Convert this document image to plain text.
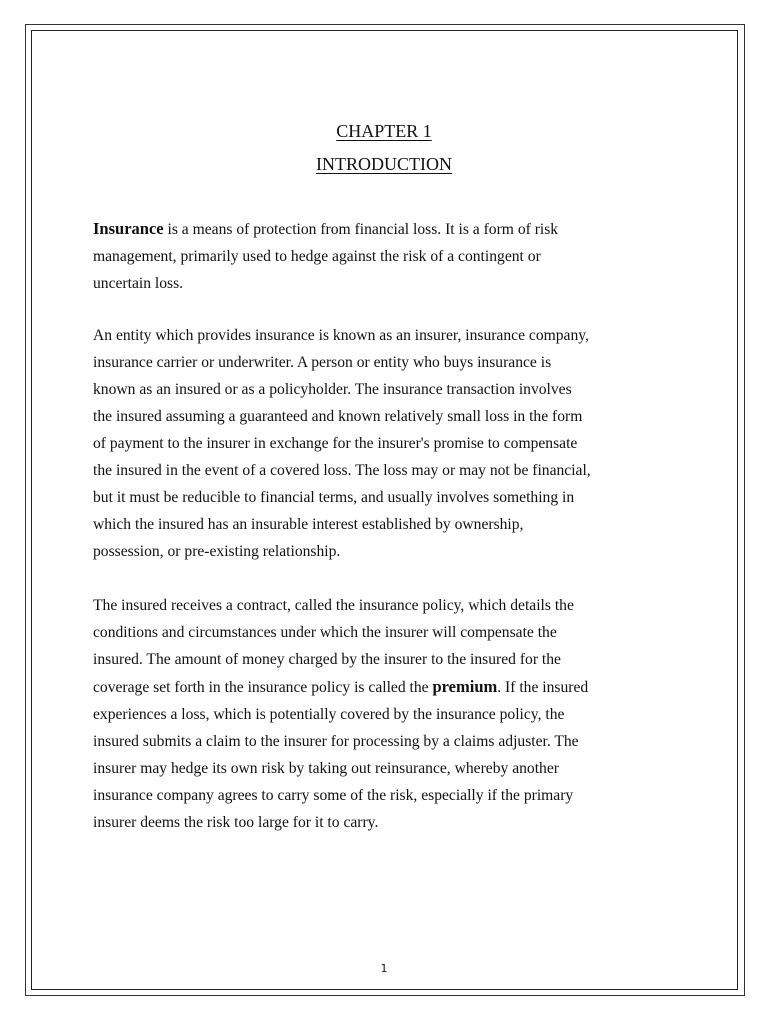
CHAPTER 1
INTRODUCTION

Insurance is a means of protection from financial loss. It is a form of risk
management, primarily used to hedge against the risk of a contingent or
uncertain loss.

An entity which provides insurance is known as an insurer, insurance company,
insurance carrier or underwriter. A person or entity who buys insurance is
known as an insured or as a policyholder. The insurance transaction involves
the insured assuming a guaranteed and known relatively small loss in the form
of payment to the insurer in exchange for the insurer's promise to compensate
the insured in the event of a covered loss. The loss may or may not be financial,
but it must be reducible to financial terms, and usually involves something in
which the insured has an insurable interest established by ownership,
possession, or pre-existing relationship.

The insured receives a contract, called the insurance policy, which details the
conditions and circumstances under which the insurer will compensate the
insured. The amount of money charged by the insurer to the insured for the
coverage set forth in the insurance policy is called the premium. If the insured
experiences a loss, which is potentially covered by the insurance policy, the
insured submits a claim to the insurer for processing by a claims adjuster. The
insurer may hedge its own risk by taking out reinsurance, whereby another
insurance company agrees to carry some of the risk, especially if the primary
insurer deems the risk too large for it to carry.

1
